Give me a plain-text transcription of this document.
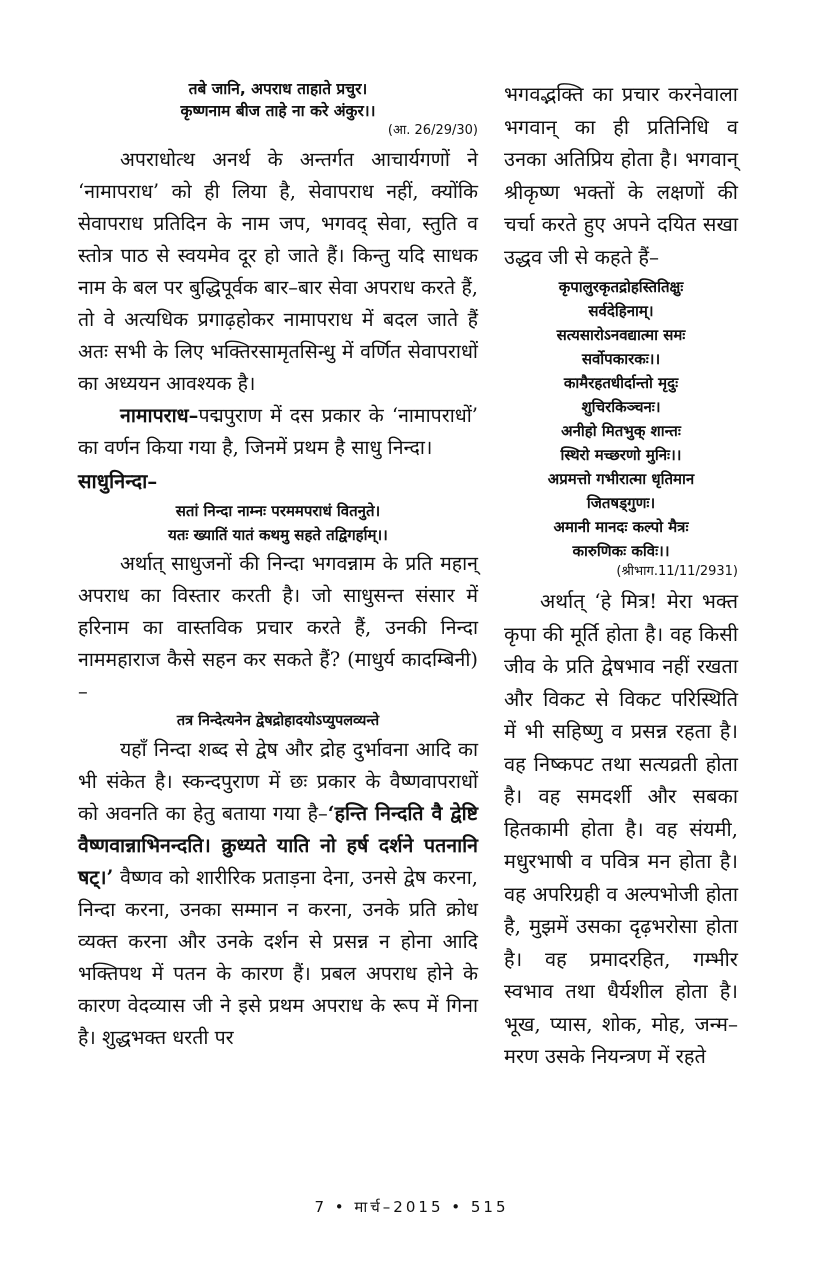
तबे जानि, अपराध ताहाते प्रचुर।

कृष्णनाम बीज ताहे ना करे अंकुर।।

(आ. 26/29/30)

अपराधोत्थ अनर्थ के अन्तर्गत आचार्यगणों ने ‘नामापराध’ को ही लिया है, सेवापराध नहीं, क्योंकि सेवापराध प्रतिदिन के नाम जप, भगवद् सेवा, स्तुति व स्तोत्र पाठ से स्वयमेव दूर हो जाते हैं। किन्तु यदि साधक नाम के बल पर बुद्धिपूर्वक बार–बार सेवा अपराध करते हैं, तो वे अत्यधिक प्रगाढ़होकर नामापराध में बदल जाते हैं अतः सभी के लिए भक्तिरसामृतसिन्धु में वर्णित सेवापराधों का अध्ययन आवश्यक है।

नामापराध–पद्मपुराण में दस प्रकार के ‘नामापराधों’ का वर्णन किया गया है, जिनमें प्रथम है साधु निन्दा।

साधुनिन्दा–

सतां निन्दा नाम्नः परममपराधं वितनुते।

यतः ख्यातिं यातं कथमु सहते तद्विगर्हाम्।।

अर्थात् साधुजनों की निन्दा भगवन्नाम के प्रति महान् अपराध का विस्तार करती है। जो साधुसन्त संसार में हरिनाम का वास्तविक प्रचार करते हैं, उनकी निन्दा नाममहाराज कैसे सहन कर सकते हैं? (माधुर्य कादम्बिनी) –

तत्र निन्देत्यनेन द्वेषद्रोहादयोऽप्युपलव्यन्ते

यहाँ निन्दा शब्द से द्वेष और द्रोह दुर्भावना आदि का भी संकेत है। स्कन्दपुराण में छः प्रकार के वैष्णवापराधों को अवनति का हेतु बताया गया है–‘हन्ति निन्दति वै द्वेष्टि वैष्णवान्नाभिनन्दति। क्रुध्यते याति नो हर्ष दर्शने पतनानि षट्।’ वैष्णव को शारीरिक प्रताड़ना देना, उनसे द्वेष करना, निन्दा करना, उनका सम्मान न करना, उनके प्रति क्रोध व्यक्त करना और उनके दर्शन से प्रसन्न न होना आदि भक्तिपथ में पतन के कारण हैं। प्रबल अपराध होने के कारण वेदव्यास जी ने इसे प्रथम अपराध के रूप में गिना है। शुद्धभक्त धरती पर

भगवद्भक्ति का प्रचार करनेवाला भगवान् का ही प्रतिनिधि व उनका अतिप्रिय होता है। भगवान् श्रीकृष्ण भक्तों के लक्षणों की चर्चा करते हुए अपने दयित सखा उद्धव जी से कहते हैं–

कृपालुरकृतद्रोहस्तितिक्षुः

सर्वदेहिनाम्।

सत्यसारोऽनवद्यात्मा समः

सर्वोपकारकः।।

कामैरहतधीर्दान्तो मृदुः

शुचिरकिञ्चनः।

अनीहो मितभुक् शान्तः

स्थिरो मच्छरणो मुनिः।।

अप्रमत्तो गभीरात्मा धृतिमान

जितषड्गुणः।

अमानी मानदः कल्पो मैत्रः

कारुणिकः कविः।।

(श्रीभाग.11/11/2931)

अर्थात् ‘हे मित्र! मेरा भक्त कृपा की मूर्ति होता है। वह किसी जीव के प्रति द्वेषभाव नहीं रखता और विकट से विकट परिस्थिति में भी सहिष्णु व प्रसन्न रहता है। वह निष्कपट तथा सत्यव्रती होता है। वह समदर्शी और सबका हितकामी होता है। वह संयमी, मधुरभाषी व पवित्र मन होता है। वह अपरिग्रही व अल्पभोजी होता है, मुझमें उसका दृढ़भरोसा होता है। वह प्रमादरहित, गम्भीर स्वभाव तथा धैर्यशील होता है। भूख, प्यास, शोक, मोह, जन्म–मरण उसके नियन्त्रण में रहते

7 • मार्च–2015 • 515
